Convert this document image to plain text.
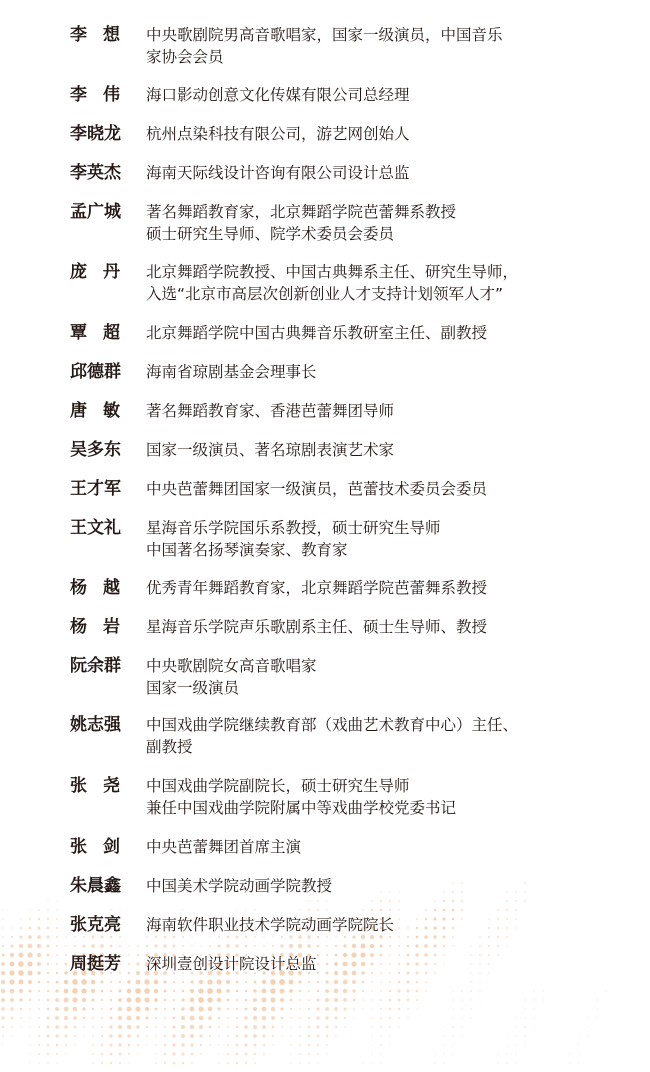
李想 中央歌剧院男高音歌唱家，国家一级演员，中国音乐
家协会会员
李伟 海口影动创意文化传媒有限公司总经理
李晓龙	杭州点染科技有限公司，游艺网创始人
李英杰	海南天际线设计咨询有限公司设计总监
孟广城	著名舞蹈教育家，北京舞蹈学院芭蕾舞系教授
硕士研究生导师、院学术委员会委员
庞丹 北京舞蹈学院教授、中国古典舞系主任、研究生导师，
入选“北京市高层次创新创业人才支持计划领军人才”
覃超 北京舞蹈学院中国古典舞音乐教研室主任、副教授
邱德群	海南省琼剧基金会理事长
唐敏 著名舞蹈教育家、香港芭蕾舞团导师
吴多东	国家一级演员、著名琼剧表演艺术家
王才军	中央芭蕾舞团国家一级演员，芭蕾技术委员会委员
王文礼	星海音乐学院国乐系教授，硕士研究生导师
中国著名扬琴演奏家、教育家
杨越 优秀青年舞蹈教育家，北京舞蹈学院芭蕾舞系教授
杨岩 星海音乐学院声乐歌剧系主任、硕士生导师、教授
阮余群	中央歌剧院女高音歌唱家
国家一级演员
姚志强	中国戏曲学院继续教育部（戏曲艺术教育中心）主任、
副教授
张尧 中国戏曲学院副院长，硕士研究生导师
兼任中国戏曲学院附属中等戏曲学校党委书记
张剑 中央芭蕾舞团首席主演
朱晨鑫	中国美术学院动画学院教授
张克亮	海南软件职业技术学院动画学院院长
周挺芳	深圳壹创设计院设计总监
